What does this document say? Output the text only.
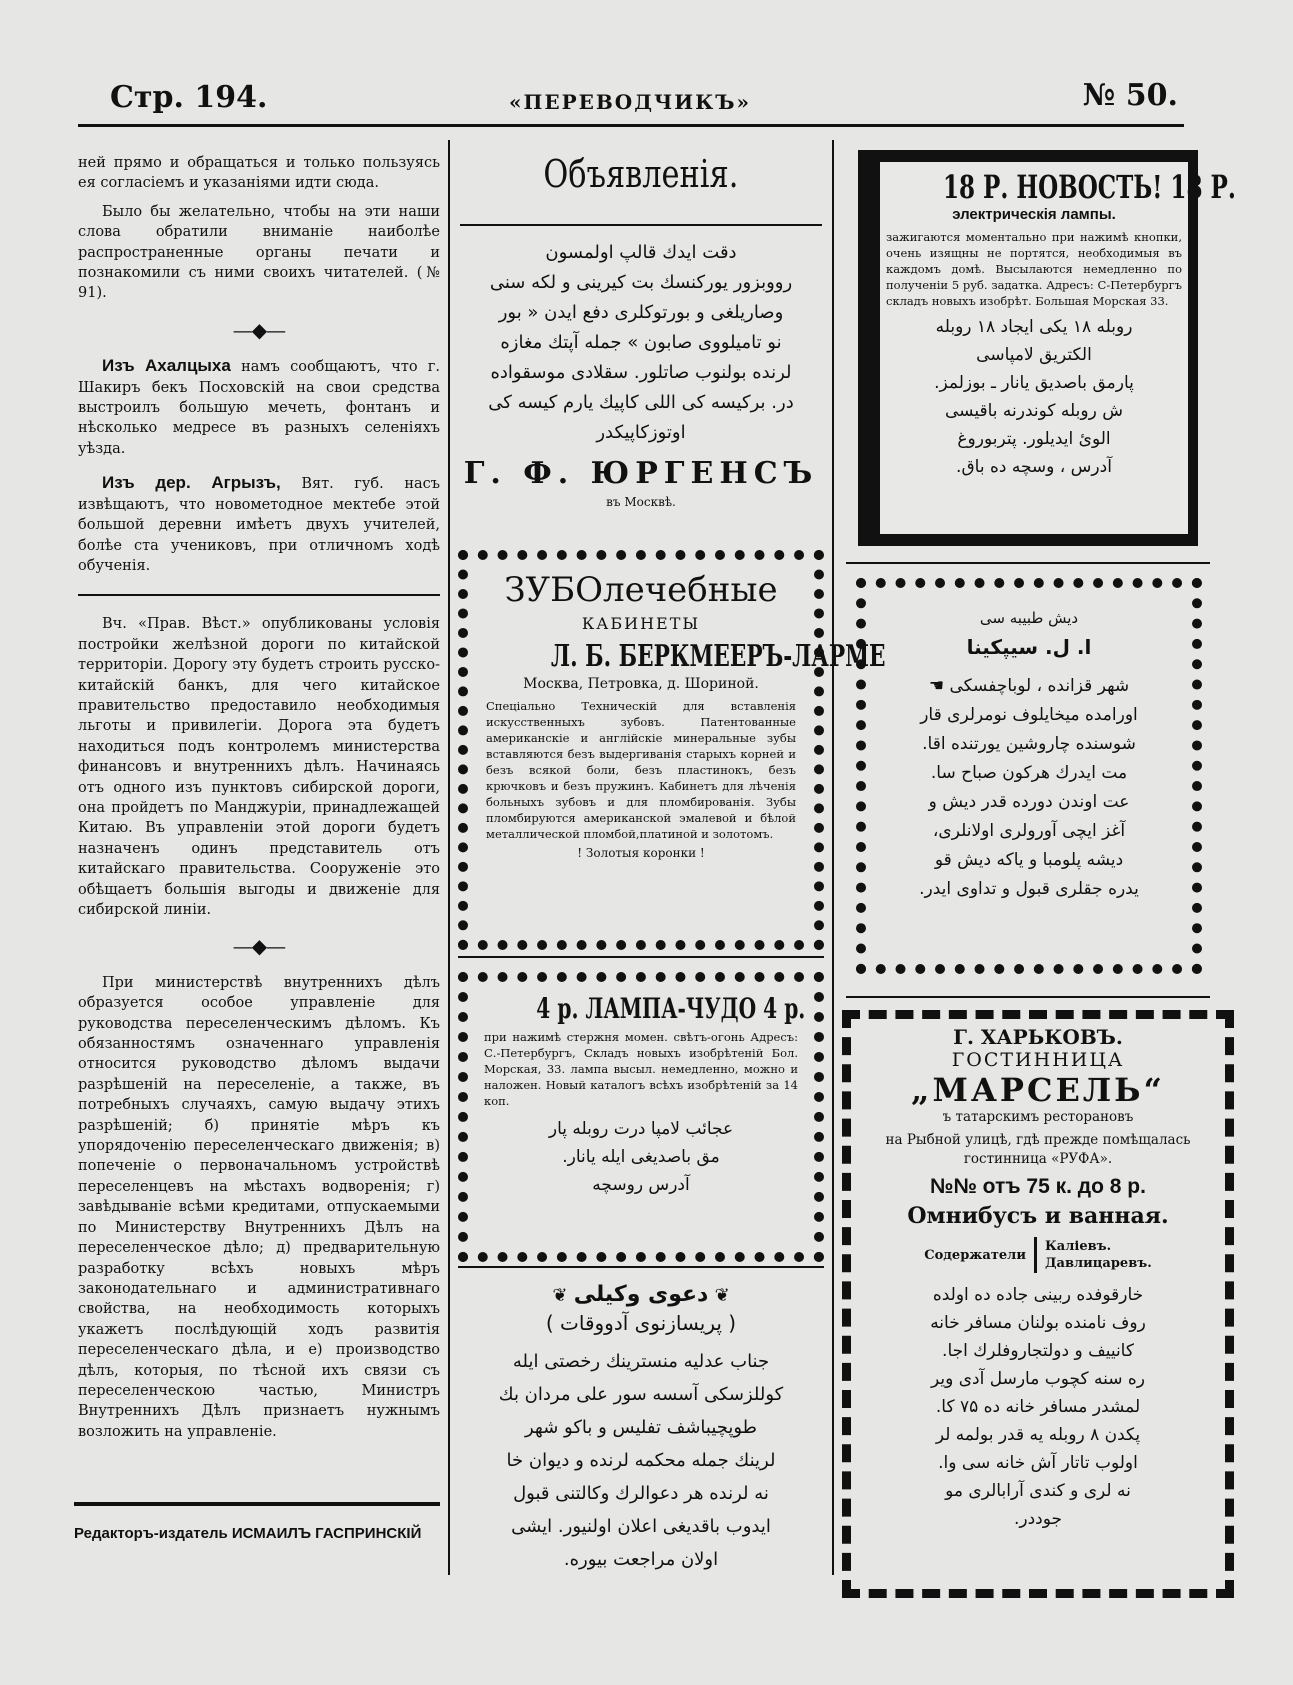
Стр. 194.	«ПЕРЕВОДЧИКЪ»	№ 50.

ней прямо и обращаться и только пользуясь ея согласіемъ и указаніями идти сюда.

Было бы желательно, чтобы на эти наши слова обратили вниманіе наиболѣе распространенные органы печати и познакомили съ ними своихъ читателей. (№ 91).

—◆—

Изъ Ахалцыха намъ сообщаютъ, что г. Шакиръ бекъ Посховскій на свои средства выстроилъ большую мечеть, фонтанъ и нѣсколько медресе въ разныхъ селеніяхъ уѣзда.

Изъ дер. Агрызъ, Вят. губ. насъ извѣщаютъ, что новометодное мектебе этой большой деревни имѣетъ двухъ учителей, болѣе ста учениковъ, при отличномъ ходѣ обученія.

Вч. «Прав. Вѣст.» опубликованы условія постройки желѣзной дороги по китайской территоріи. Дорогу эту будетъ строить русско-китайскій банкъ, для чего китайское правительство предоставило необходимыя льготы и привилегіи. Дорога эта будетъ находиться подъ контролемъ министерства финансовъ и внутреннихъ дѣлъ. Начинаясь отъ одного изъ пунктовъ сибирской дороги, она пройдетъ по Манджуріи, принадлежащей Китаю. Въ управленіи этой дороги будетъ назначенъ одинъ представитель отъ китайскаго правительства. Сооруженіе это обѣщаетъ большія выгоды и движеніе для сибирской линіи.

—◆—

При министерствѣ внутреннихъ дѣлъ образуется особое управленіе для руководства переселенческимъ дѣломъ. Къ обязанностямъ означеннаго управленія относится руководство дѣломъ выдачи разрѣшеній на переселеніе, а также, въ потребныхъ случаяхъ, самую выдачу этихъ разрѣшеній; б) принятіе мѣръ къ упорядоченію переселенческаго движенія; в) попеченіе о первоначальномъ устройствѣ переселенцевъ на мѣстахъ водворенія; г) завѣдываніе всѣми кредитами, отпускаемыми по Министерству Внутреннихъ Дѣлъ на переселенческое дѣло; д) предварительную разработку всѣхъ новыхъ мѣръ законодательнаго и административнаго свойства, на необходимость которыхъ укажетъ послѣдующій ходъ развитія переселенческаго дѣла, и е) производство дѣлъ, которыя, по тѣсной ихъ связи съ переселенческою частью, Министръ Внутреннихъ Дѣлъ признаетъ нужнымъ возложить на управленіе.

Редакторъ-издатель ИСМАИЛЪ ГАСПРИНСКІЙ
Объявленія.
دقت ایدك قالپ اولمسون
رووبزور یورکنسك بت کیرینی و لکه سنی
وصاریلغی و بورتوکلری دفع ایدن « بور
نو تامیلووی صابون » جمله آپتك مغازه
لرنده بولنوب صاتلور. سقلادی موسقواده
در. برکیسه کی اللی کاپیك یارم کیسه کی
اوتوزکاپیکدر
Г. Ф. ЮРГЕНСЪ
въ Москвѣ.
ЗУБОлечебные
КАБИНЕТЫ
Л. Б. БЕРКМЕЕРЪ-ЛАРМЕ
Москва, Петровка, д. Шориной.
Спеціально Техническій для вставленія искусственныхъ зубовъ. Патентованные американскіе и англійскіе минеральные зубы вставляются безъ выдергиванія старыхъ корней и безъ всякой боли, безъ пластинокъ, безъ крючковъ и безъ пружинъ. Кабинетъ для лѣченія больныхъ зубовъ и для пломбированія. Зубы пломбируются американской эмалевой и бѣлой металлической пломбой,платиной и золотомъ.
! Золотыя коронки !
4 р. ЛАМПА-ЧУДО 4 р.
при нажимѣ стержня момен. свѣтъ-огонь Адресъ: С.-Петербургъ, Складъ новыхъ изобрѣтеній Бол. Морская, 33. лампа высыл. немедленно, можно и наложен. Новый каталогъ всѣхъ изобрѣтеній за 14 коп.
عجائب لامپا درت روبله پار
مق باصدیغی ایله یانار.
آدرس روسچه
❦ دعوی وکیلی ❦
( پریسازنوی آدووقات )
جناب عدلیه منسترینك رخصتی ایله
کوللزسکی آسسه سور علی مردان بك
طوپچیباشف تفلیس و باکو شهر
لرینك جمله محکمه لرنده و دیوان خا
نه لرنده هر دعوالرك وکالتنی قبول
ایدوب باقدیغی اعلان اولنیور. ایشی
اولان مراجعت بیوره.
18 Р. НОВОСТЬ! 18 Р.
электрическія лампы.
зажигаются моментально при нажимѣ кнопки, очень изящны не портятся, необходимыя въ каждомъ домѣ. Высылаются немедленно по полученіи 5 руб. задатка. Адресъ: С-Петербургъ складъ новыхъ изобрѣт. Большая Морская 33.
روبله ۱۸ یکی ایجاد ۱۸ روبله
الکتریق لامپاسی
پارمق باصدیق یانار ـ بوزلمز.
ش روبله کوندرنه باقیسی
الوئ ایدیلور. پتربوروغ
آدرس ، وسچه ده باق.
دیش طبیبه سی
ا. ل. سیپکینا
شهر قزانده ، لوباچفسکی ☚
اورامده میخایلوف نومرلری قار
شوسنده چاروشین یورتنده اقا.
مت ایدرك هرکون صباح سا.
عت اوندن دورده قدر دیش و
آغز ایچی آورولری اولانلری،
دیشه پلومبا و یاکه دیش قو
یدره جقلری قبول و تداوی ایدر.
Г. ХАРЬКОВЪ.
ГОСТИННИЦА
„МАРСЕЛЬ“
ъ татарскимъ ресторановъ
на Рыбной улицѣ, гдѣ прежде помѣщалась гостинница «РУФА».
№№ отъ 75 к. до 8 р.
Омнибусъ и ванная.
Содержатели
Каліевъ.
Давлицаревъ.
خارقوفده ربینی جاده ده اولده
روف نامنده بولنان مسافر خانه
کانییف و دولتجاروفلرك اجا.
ره سنه کچوب مارسل آدی ویر
لمشدر مسافر خانه ده ۷۵ کا.
پکدن ۸ روبله یه قدر بولمه لر
اولوب تاتار آش خانه سی وا.
نه لری و کندی آرابالری مو
جوددر.
